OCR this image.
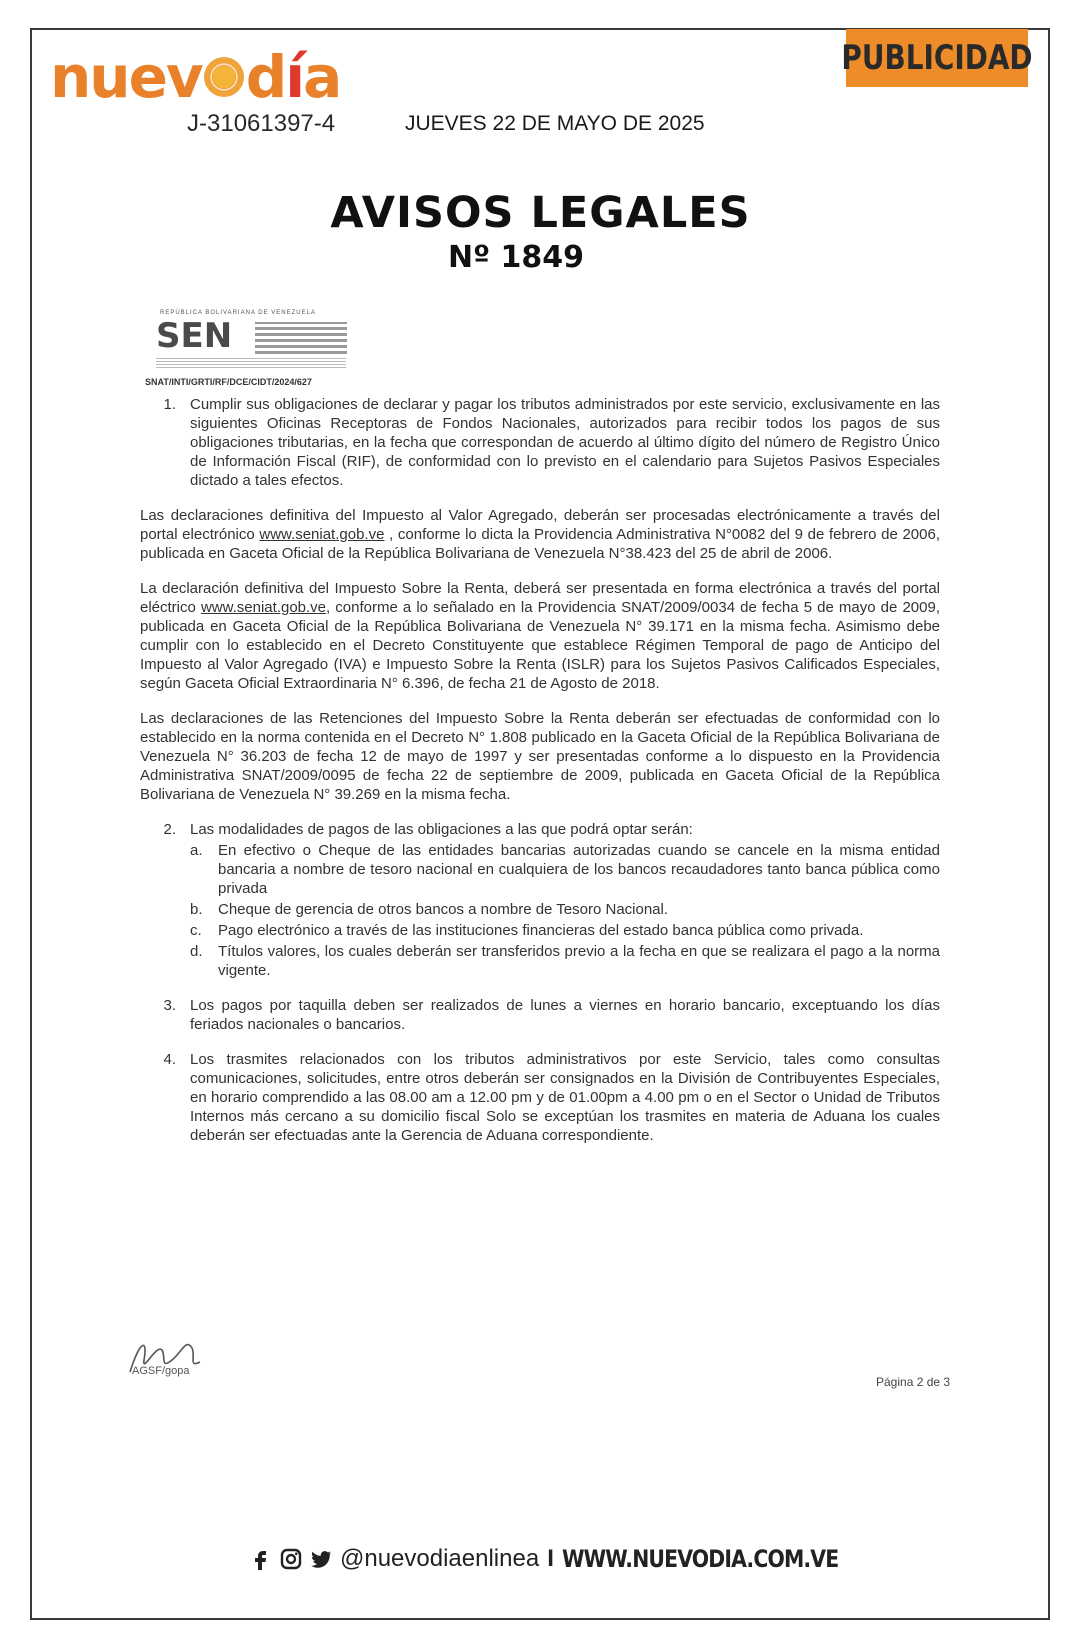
PUBLICIDAD
nuev día
J-31061397-4	JUEVES 22 DE MAYO DE 2025
AVISOS LEGALES
Nº 1849
REPÚBLICA BOLIVARIANA DE VENEZUELA
SEN
SNAT/INTI/GRTI/RF/DCE/CIDT/2024/627
1. Cumplir sus obligaciones de declarar y pagar los tributos administrados por este servicio, exclusivamente en las siguientes Oficinas Receptoras de Fondos Nacionales, autorizados para recibir todos los pagos de sus obligaciones tributarias, en la fecha que correspondan de acuerdo al último dígito del número de Registro Único de Información Fiscal (RIF), de conformidad con lo previsto en el calendario para Sujetos Pasivos Especiales dictado a tales efectos.
Las declaraciones definitiva del Impuesto al Valor Agregado, deberán ser procesadas electrónicamente a través del portal electrónico www.seniat.gob.ve , conforme lo dicta la Providencia Administrativa N°0082 del 9 de febrero de 2006, publicada en Gaceta Oficial de la República Bolivariana de Venezuela N°38.423 del 25 de abril de 2006.
La declaración definitiva del Impuesto Sobre la Renta, deberá ser presentada en forma electrónica a través del portal eléctrico www.seniat.gob.ve, conforme a lo señalado en la Providencia SNAT/2009/0034 de fecha 5 de mayo de 2009, publicada en Gaceta Oficial de la República Bolivariana de Venezuela N° 39.171 en la misma fecha. Asimismo debe cumplir con lo establecido en el Decreto Constituyente que establece Régimen Temporal de pago de Anticipo del Impuesto al Valor Agregado (IVA) e Impuesto Sobre la Renta (ISLR) para los Sujetos Pasivos Calificados Especiales, según Gaceta Oficial Extraordinaria N° 6.396, de fecha 21 de Agosto de 2018.
Las declaraciones de las Retenciones del Impuesto Sobre la Renta deberán ser efectuadas de conformidad con lo establecido en la norma contenida en el Decreto N° 1.808 publicado en la Gaceta Oficial de la República Bolivariana de Venezuela N° 36.203 de fecha 12 de mayo de 1997 y ser presentadas conforme a lo dispuesto en la Providencia Administrativa SNAT/2009/0095 de fecha 22 de septiembre de 2009, publicada en Gaceta Oficial de la República Bolivariana de Venezuela N° 39.269 en la misma fecha.
2. Las modalidades de pagos de las obligaciones a las que podrá optar serán:
a.	En efectivo o Cheque de las entidades bancarias autorizadas cuando se cancele en la misma entidad bancaria a nombre de tesoro nacional en cualquiera de los bancos recaudadores tanto banca pública como privada
b.	Cheque de gerencia de otros bancos a nombre de Tesoro Nacional.
c.	Pago electrónico a través de las instituciones financieras del estado banca pública como privada.
d.	Títulos valores, los cuales deberán ser transferidos previo a la fecha en que se realizara el pago a la norma vigente.
3. Los pagos por taquilla deben ser realizados de lunes a viernes en horario bancario, exceptuando los días feriados nacionales o bancarios.
4. Los trasmites relacionados con los tributos administrativos por este Servicio, tales como consultas comunicaciones, solicitudes, entre otros deberán ser consignados en la División de Contribuyentes Especiales, en horario comprendido a las 08.00 am a 12.00 pm y de 01.00pm a 4.00 pm o en el Sector o Unidad de Tributos Internos más cercano a su domicilio fiscal Solo se exceptúan los trasmites en materia de Aduana los cuales deberán ser efectuadas ante la Gerencia de Aduana correspondiente.
AGSF/gopa
Página 2 de 3
@nuevodiaenlinea I WWW.NUEVODIA.COM.VE
